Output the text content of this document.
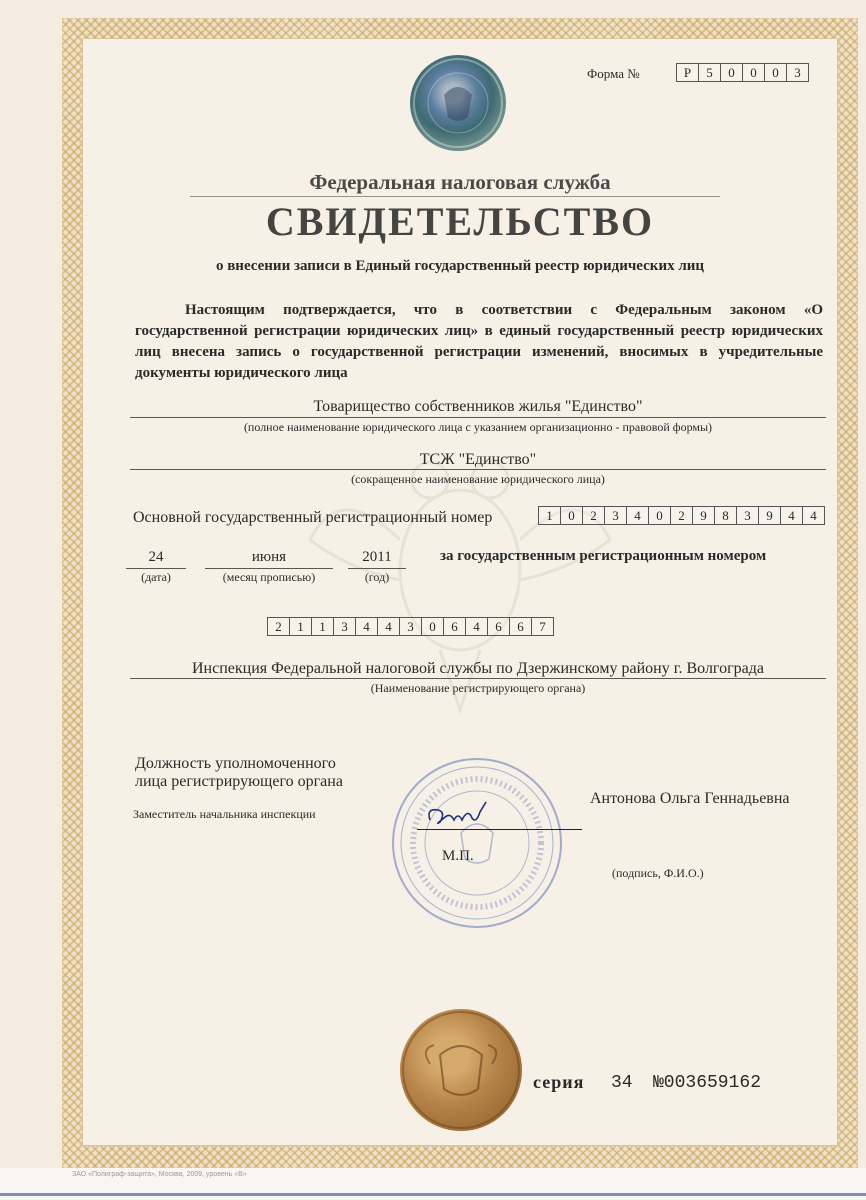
Форма №	Р	5	0	0	0	3
Федеральная налоговая служба
СВИДЕТЕЛЬСТВО
о внесении записи в Единый государственный реестр юридических лиц
Настоящим подтверждается, что в соответствии с Федеральным законом «О государственной регистрации юридических лиц» в единый государственный реестр юридических лиц внесена запись о государственной регистрации изменений, вносимых в учредительные документы юридического лица
Товарищество собственников жилья "Единство"
(полное наименование юридического лица с указанием организационно - правовой формы)
ТСЖ "Единство"
(сокращенное наименование юридического лица)
Основной государственный регистрационный номер	1	0	2	3	4	0	2	9	8	3	9	4	4
24
(дата)
июня
(месяц прописью)
2011
(год)
за государственным регистрационным номером
2	1	1	3	4	4	3	0	6	4	6	6	7
Инспекция Федеральной налоговой службы по Дзержинскому району г. Волгограда
(Наименование регистрирующего органа)
Должность уполномоченного
лица регистрирующего органа
Заместитель начальника инспекции
Антонова Ольга Геннадьевна
М.П.
(подпись, Ф.И.О.)
серия 34 №003659162
ЗАО «Полиграф-защита», Москва, 2009, уровень «В»
